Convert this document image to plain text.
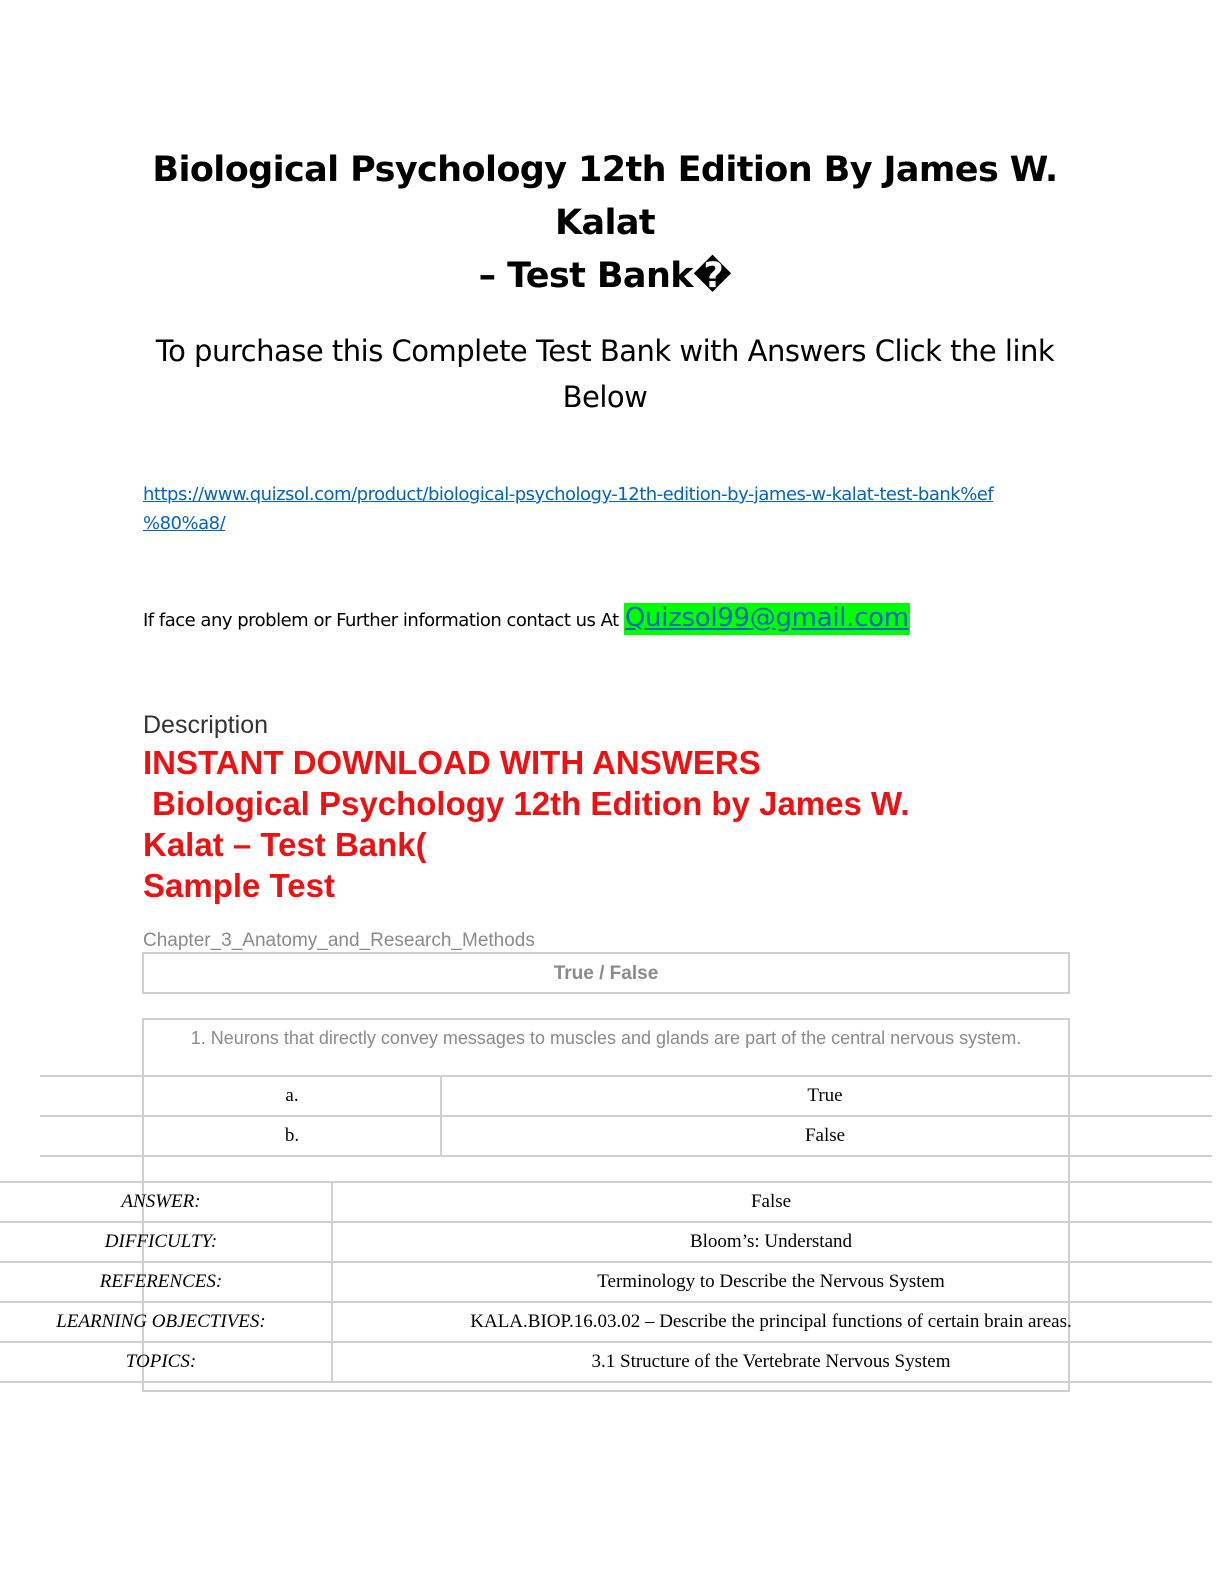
Biological Psychology 12th Edition By James W. Kalat
– Test Bank�
To purchase this Complete Test Bank with Answers Click the link
Below
https://www.quizsol.com/product/biological-psychology-12th-edition-by-james-w-kalat-test-bank%ef
%80%a8/
If face any problem or Further information contact us At Quizsol99@gmail.com
Description
INSTANT DOWNLOAD WITH ANSWERS
Biological Psychology 12th Edition by James W.
Kalat – Test Bank(
Sample Test
Chapter_3_Anatomy_and_Research_Methods
True / False
1. Neurons that directly convey messages to muscles and glands are part of the central nervous system.
a.	True
b.	False
ANSWER:	False
DIFFICULTY:	Bloom’s: Understand
REFERENCES:	Terminology to Describe the Nervous System
LEARNING OBJECTIVES:	KALA.BIOP.16.03.02 – Describe the principal functions of certain brain areas.
TOPICS:	3.1 Structure of the Vertebrate Nervous System
